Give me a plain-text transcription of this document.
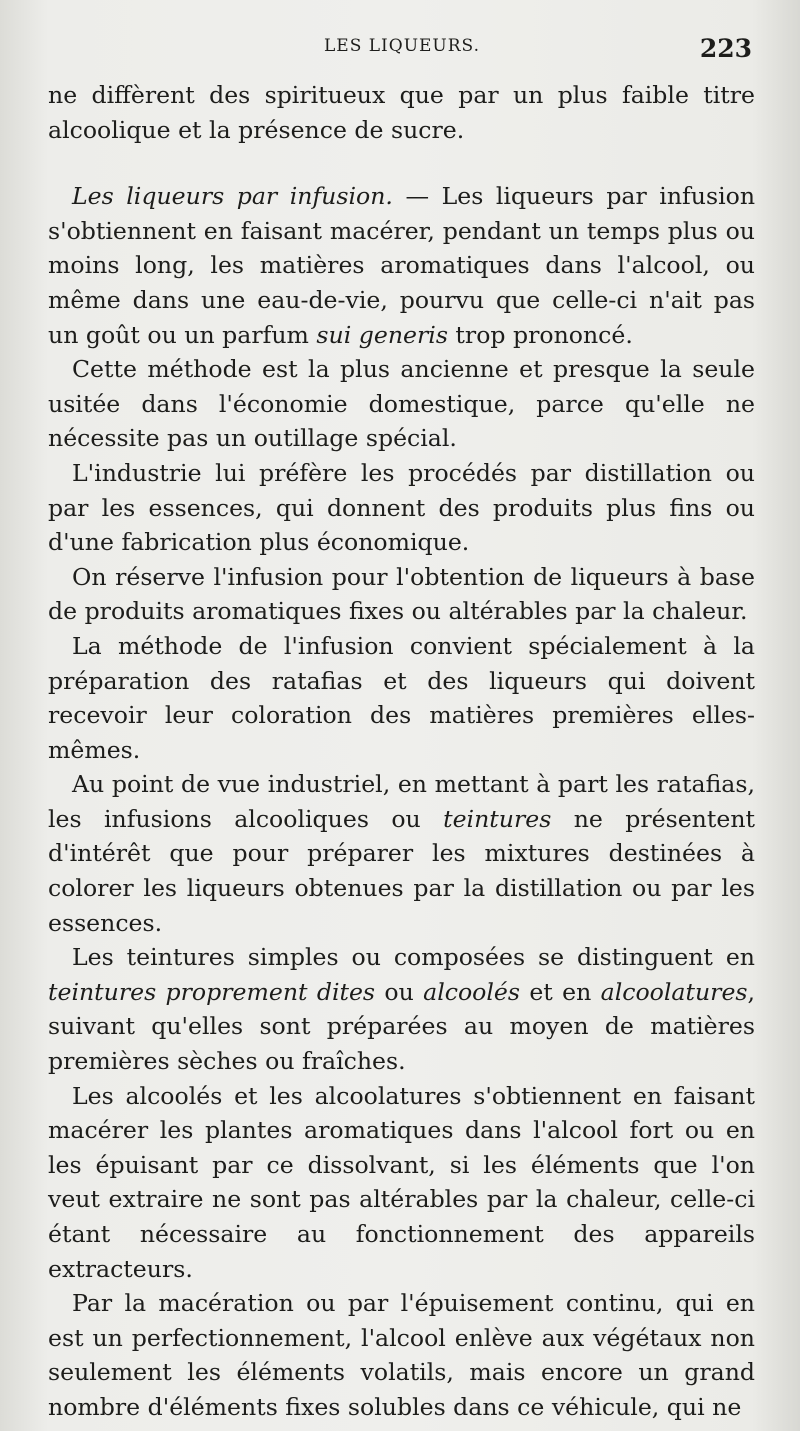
LES LIQUEURS.	223

ne diffèrent des spiritueux que par un plus faible titre alcoolique et la présence de sucre.

Les liqueurs par infusion. — Les liqueurs par infusion s'obtiennent en faisant macérer, pendant un temps plus ou moins long, les matières aromatiques dans l'alcool, ou même dans une eau-de-vie, pourvu que celle-ci n'ait pas un goût ou un parfum sui generis trop prononcé.

Cette méthode est la plus ancienne et presque la seule usitée dans l'économie domestique, parce qu'elle ne nécessite pas un outillage spécial.

L'industrie lui préfère les procédés par distillation ou par les essences, qui donnent des produits plus fins ou d'une fabrication plus économique.

On réserve l'infusion pour l'obtention de liqueurs à base de produits aromatiques fixes ou altérables par la chaleur.

La méthode de l'infusion convient spécialement à la préparation des ratafias et des liqueurs qui doivent recevoir leur coloration des matières premières elles-mêmes.

Au point de vue industriel, en mettant à part les ratafias, les infusions alcooliques ou teintures ne présentent d'intérêt que pour préparer les mixtures destinées à colorer les liqueurs obtenues par la distillation ou par les essences.

Les teintures simples ou composées se distinguent en teintures proprement dites ou alcoolés et en alcoolatures, suivant qu'elles sont préparées au moyen de matières premières sèches ou fraîches.

Les alcoolés et les alcoolatures s'obtiennent en faisant macérer les plantes aromatiques dans l'alcool fort ou en les épuisant par ce dissolvant, si les éléments que l'on veut extraire ne sont pas altérables par la chaleur, celle-ci étant nécessaire au fonctionnement des appareils extracteurs.

Par la macération ou par l'épuisement continu, qui en est un perfectionnement, l'alcool enlève aux végétaux non seulement les éléments volatils, mais encore un grand nombre d'éléments fixes solubles dans ce véhicule, qui ne
